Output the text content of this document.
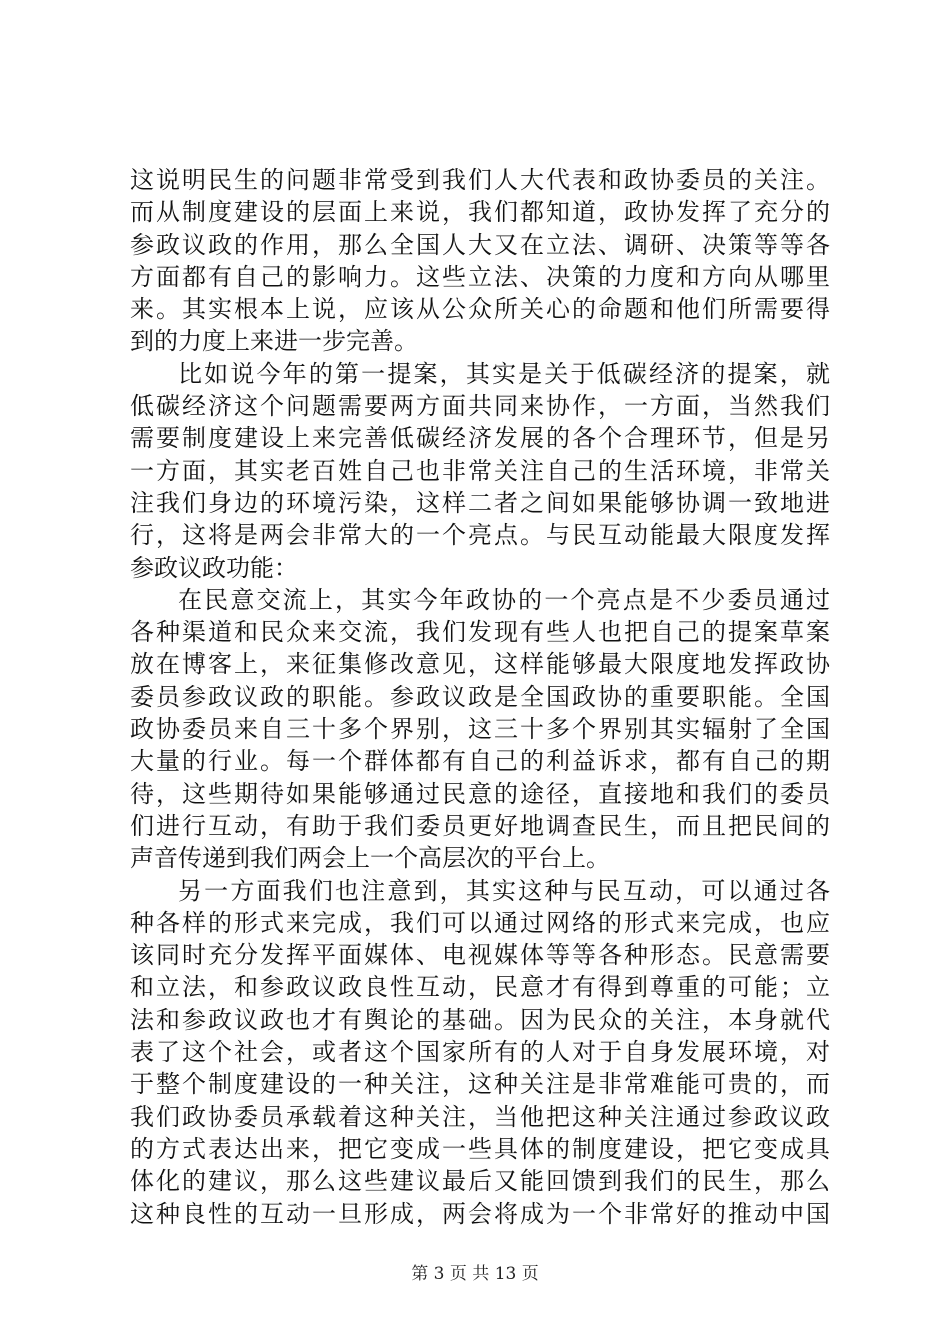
这说明民生的问题非常受到我们人大代表和政协委员的关注。
而从制度建设的层面上来说，我们都知道，政协发挥了充分的
参政议政的作用，那么全国人大又在立法、调研、决策等等各
方面都有自己的影响力。这些立法、决策的力度和方向从哪里
来。其实根本上说，应该从公众所关心的命题和他们所需要得
到的力度上来进一步完善。
比如说今年的第一提案，其实是关于低碳经济的提案，就
低碳经济这个问题需要两方面共同来协作，一方面，当然我们
需要制度建设上来完善低碳经济发展的各个合理环节，但是另
一方面，其实老百姓自己也非常关注自己的生活环境，非常关
注我们身边的环境污染，这样二者之间如果能够协调一致地进
行，这将是两会非常大的一个亮点。与民互动能最大限度发挥
参政议政功能：
在民意交流上，其实今年政协的一个亮点是不少委员通过
各种渠道和民众来交流，我们发现有些人也把自己的提案草案
放在博客上，来征集修改意见，这样能够最大限度地发挥政协
委员参政议政的职能。参政议政是全国政协的重要职能。全国
政协委员来自三十多个界别，这三十多个界别其实辐射了全国
大量的行业。每一个群体都有自己的利益诉求，都有自己的期
待，这些期待如果能够通过民意的途径，直接地和我们的委员
们进行互动，有助于我们委员更好地调查民生，而且把民间的
声音传递到我们两会上一个高层次的平台上。
另一方面我们也注意到，其实这种与民互动，可以通过各
种各样的形式来完成，我们可以通过网络的形式来完成，也应
该同时充分发挥平面媒体、电视媒体等等各种形态。民意需要
和立法，和参政议政良性互动，民意才有得到尊重的可能；立
法和参政议政也才有舆论的基础。因为民众的关注，本身就代
表了这个社会，或者这个国家所有的人对于自身发展环境，对
于整个制度建设的一种关注，这种关注是非常难能可贵的，而
我们政协委员承载着这种关注，当他把这种关注通过参政议政
的方式表达出来，把它变成一些具体的制度建设，把它变成具
体化的建议，那么这些建议最后又能回馈到我们的民生，那么
这种良性的互动一旦形成，两会将成为一个非常好的推动中国
第 3 页 共 13 页
